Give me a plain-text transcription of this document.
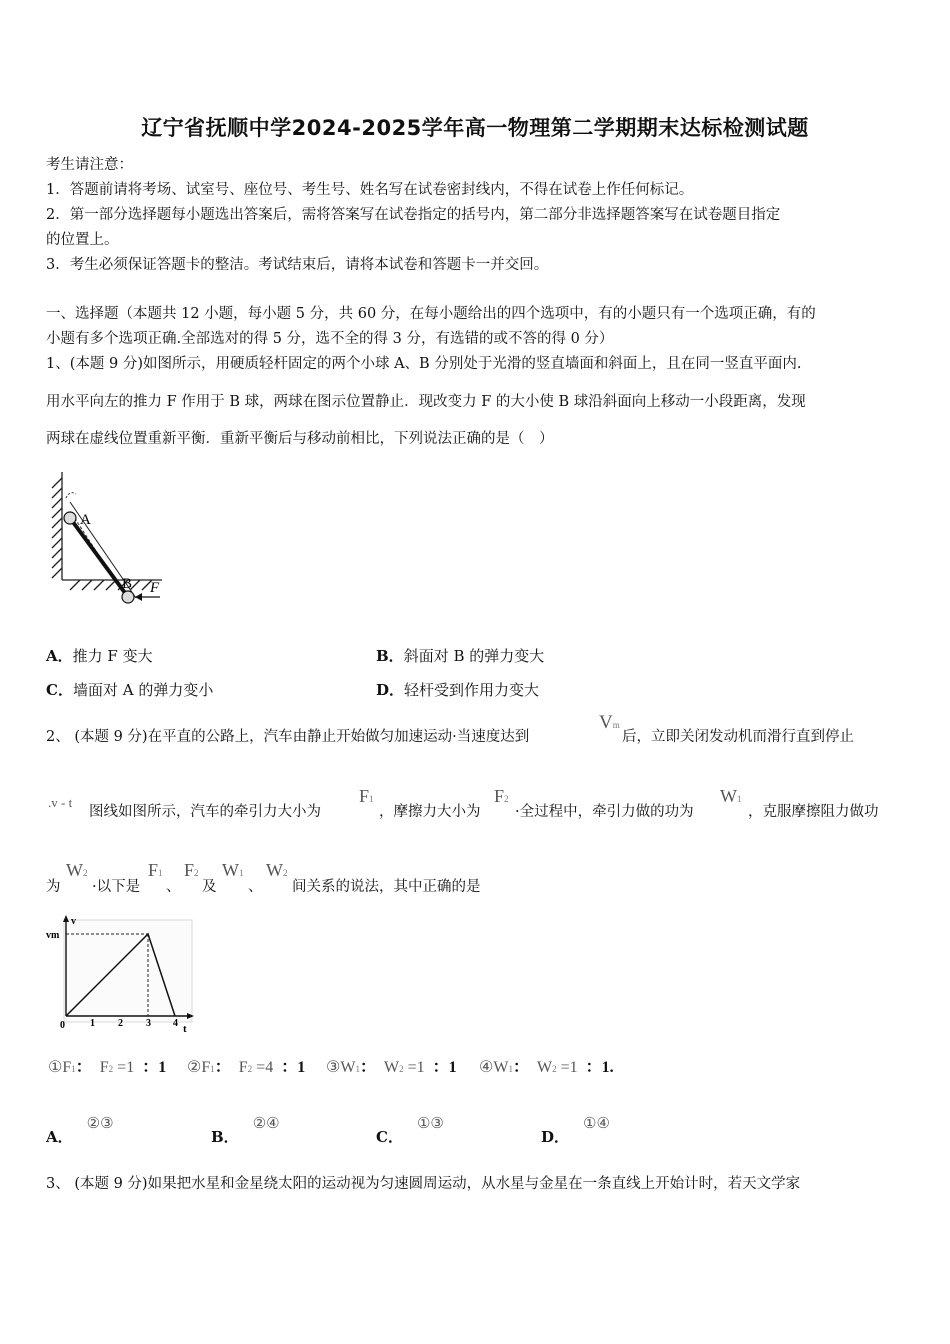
辽宁省抚顺中学2024-2025学年高一物理第二学期期末达标检测试题
考生请注意：
1．答题前请将考场、试室号、座位号、考生号、姓名写在试卷密封线内，不得在试卷上作任何标记。
2．第一部分选择题每小题选出答案后，需将答案写在试卷指定的括号内，第二部分非选择题答案写在试卷题目指定
的位置上。
3．考生必须保证答题卡的整洁。考试结束后，请将本试卷和答题卡一并交回。
一、选择题（本题共 12 小题，每小题 5 分，共 60 分，在每小题给出的四个选项中，有的小题只有一个选项正确，有的
小题有多个选项正确.全部选对的得 5 分，选不全的得 3 分，有选错的或不答的得 0 分）
1、(本题 9 分)如图所示，用硬质轻杆固定的两个小球 A、B 分别处于光滑的竖直墙面和斜面上，且在同一竖直平面内.
用水平向左的推力 F 作用于 B 球，两球在图示位置静止．现改变力 F 的大小使 B 球沿斜面向上移动一小段距离，发现
两球在虚线位置重新平衡．重新平衡后与移动前相比，下列说法正确的是（　）
A
B F
A．推力 F 变大	B．斜面对 B 的弹力变大
C．墙面对 A 的弹力变小	D．轻杆受到作用力变大
2、 (本题 9 分)在平直的公路上，汽车由静止开始做匀加速运动·当速度达到
Vm
后，立即关闭发动机而滑行直到停止
.v - t
图线如图所示，汽车的牵引力大小为
F1
，摩擦力大小为
F2
·全过程中，牵引力做的功为
W1
，克服摩擦阻力做功
为
W2
·以下是
F1
、
F2
及
W1
、
W2
间关系的说法，其中正确的是
v
vm
0	1 2 3 4 t
①F1： F2 =1 ：1 ②F1： F2 =4 ：1 ③W1： W2 =1 ：1 ④W1： W2 =1 ：1.
A．②③
B．②④
C．①③
D．①④
3、 (本题 9 分)如果把水星和金星绕太阳的运动视为匀速圆周运动，从水星与金星在一条直线上开始计时，若天文学家
